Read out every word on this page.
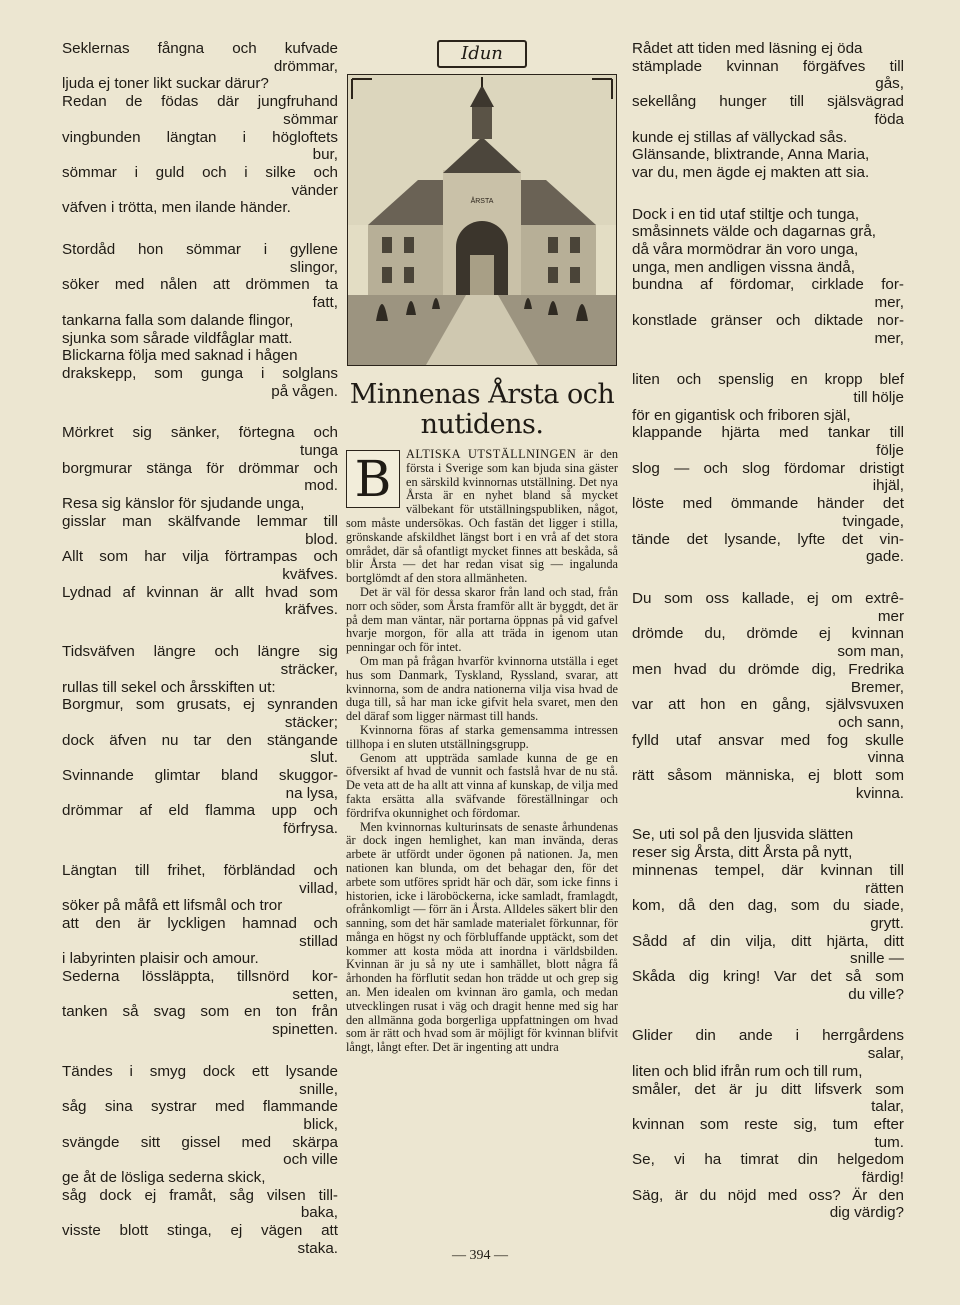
Seklernas fångna och kufvade
drömmar,
ljuda ej toner likt suckar därur?
Redan de födas där jungfruhand
sömmar
vingbunden längtan i högloftets
bur,
sömmar i guld och i silke och
vänder
väfven i trötta, men ilande händer.
Stordåd hon sömmar i gyllene
slingor,
söker med nålen att drömmen ta
fatt,
tankarna falla som dalande flingor,
sjunka som sårade vildfåglar matt.
Blickarna följa med saknad i hågen
drakskepp, som gunga i solglans
på vågen.
Mörkret sig sänker, förtegna och
tunga
borgmurar stänga för drömmar och
mod.
Resa sig känslor för sjudande unga,
gisslar man skälfvande lemmar till
blod.
Allt som har vilja förtrampas och
kväfves.
Lydnad af kvinnan är allt hvad som
kräfves.
Tidsväfven längre och längre sig
sträcker,
rullas till sekel och årsskiften ut:
Borgmur, som grusats, ej synranden
stäcker;
dock äfven nu tar den stängande
slut.
Svinnande glimtar bland skuggor-
na lysa,
drömmar af eld flamma upp och
förfrysa.
Längtan till frihet, förbländad och
villad,
söker på måfå ett lifsmål och tror
att den är lyckligen hamnad och
stillad
i labyrinten plaisir och amour.
Sederna lössläppta, tillsnörd kor-
setten,
tanken så svag som en ton från
spinetten.
Tändes i smyg dock ett lysande
snille,
såg sina systrar med flammande
blick,
svängde sitt gissel med skärpa
och ville
ge åt de lösliga sederna skick,
såg dock ej framåt, såg vilsen till-
baka,
visste blott stinga, ej vägen att
staka.
Idun
ÅRSTA
Minnenas Årsta och
nutidens.
B	ALTISKA UTSTÄLLNINGEN är den första i Sverige som kan bjuda sina gäster en särskild kvinnornas utställning. Det nya Årsta är en nyhet bland så mycket välbekant för utställningspubliken, något, som måste undersökas. Och fastän det ligger i stilla, grönskande afskildhet längst bort i en vrå af det stora området, där så ofantligt mycket finnes att beskåda, så blir Årsta — det har redan visat sig — ingalunda bortglömdt af den stora allmänheten.

Det är väl för dessa skaror från land och stad, från norr och söder, som Årsta framför allt är byggdt, det är på dem man väntar, när portarna öppnas på vid gafvel hvarje morgon, för alla att träda in igenom utan penningar och för intet.

Om man på frågan hvarför kvinnorna utställa i eget hus som Danmark, Tyskland, Ryssland, svarar, att kvinnorna, som de andra nationerna vilja visa hvad de duga till, så har man icke gifvit hela svaret, men den del däraf som ligger närmast till hands.

Kvinnorna föras af starka gemensamma intressen tillhopa i en sluten utställningsgrupp.

Genom att uppträda samlade kunna de ge en öfversikt af hvad de vunnit och fastslå hvar de nu stå. De veta att de ha allt att vinna af kunskap, de vilja med fakta ersätta alla sväfvande föreställningar och fördrifva okunnighet och fördomar.

Men kvinnornas kulturinsats de senaste århundenas är dock ingen hemlighet, kan man invända, deras arbete är utfördt under ögonen på nationen. Ja, men nationen kan blunda, om det behagar den, för det arbete som utföres spridt här och där, som icke finns i historien, icke i läroböckerna, icke samladt, framlagdt, ofrånkomligt — förr än i Årsta. Alldeles säkert blir den sanning, som det här samlade materialet förkunnar, för många en högst ny och förbluffande upptäckt, som det kommer att kosta möda att inordna i världsbilden. Kvinnan är ju så ny ute i samhället, blott några få århonden ha förflutit sedan hon trädde ut och grep sig an. Men idealen om kvinnan äro gamla, och medan utvecklingen rusat i väg och dragit henne med sig har den allmänna goda borgerliga uppfattningen om hvad som är rätt och hvad som är möjligt för kvinnan blifvit långt, långt efter. Det är ingenting att undra

Rådet att tiden med läsning ej öda
stämplade kvinnan förgäfves till
gås,
sekellång hunger till själsvägrad
föda
kunde ej stillas af vällyckad sås.
Glänsande, blixtrande, Anna Maria,
var du, men ägde ej makten att sia.
Dock i en tid utaf stiltje och tunga,
småsinnets välde och dagarnas grå,
då våra mormödrar än voro unga,
unga, men andligen vissna ändå,
bundna af fördomar, cirklade for-
mer,
konstlade gränser och diktade nor-
mer,
liten och spenslig en kropp blef
till hölje
för en gigantisk och friboren själ,
klappande hjärta med tankar till
följe
slog — och slog fördomar dristigt
ihjäl,
löste med ömmande händer det
tvingade,
tände det lysande, lyfte det vin-
gade.
Du som oss kallade, ej om extrê-
mer
drömde du, drömde ej kvinnan
som man,
men hvad du drömde dig, Fredrika
Bremer,
var att hon en gång, självsvuxen
och sann,
fylld utaf ansvar med fog skulle
vinna
rätt såsom människa, ej blott som
kvinna.
Se, uti sol på den ljusvida slätten
reser sig Årsta, ditt Årsta på nytt,
minnenas tempel, där kvinnan till
rätten
kom, då den dag, som du siade,
grytt.
Sådd af din vilja, ditt hjärta, ditt
snille —
Skåda dig kring! Var det så som
du ville?
Glider din ande i herrgårdens
salar,
liten och blid ifrån rum och till rum,
småler, det är ju ditt lifsverk som
talar,
kvinnan som reste sig, tum efter
tum.
Se, vi ha timrat din helgedom
färdig!
Säg, är du nöjd med oss? Är den
dig värdig?
— 394 —
